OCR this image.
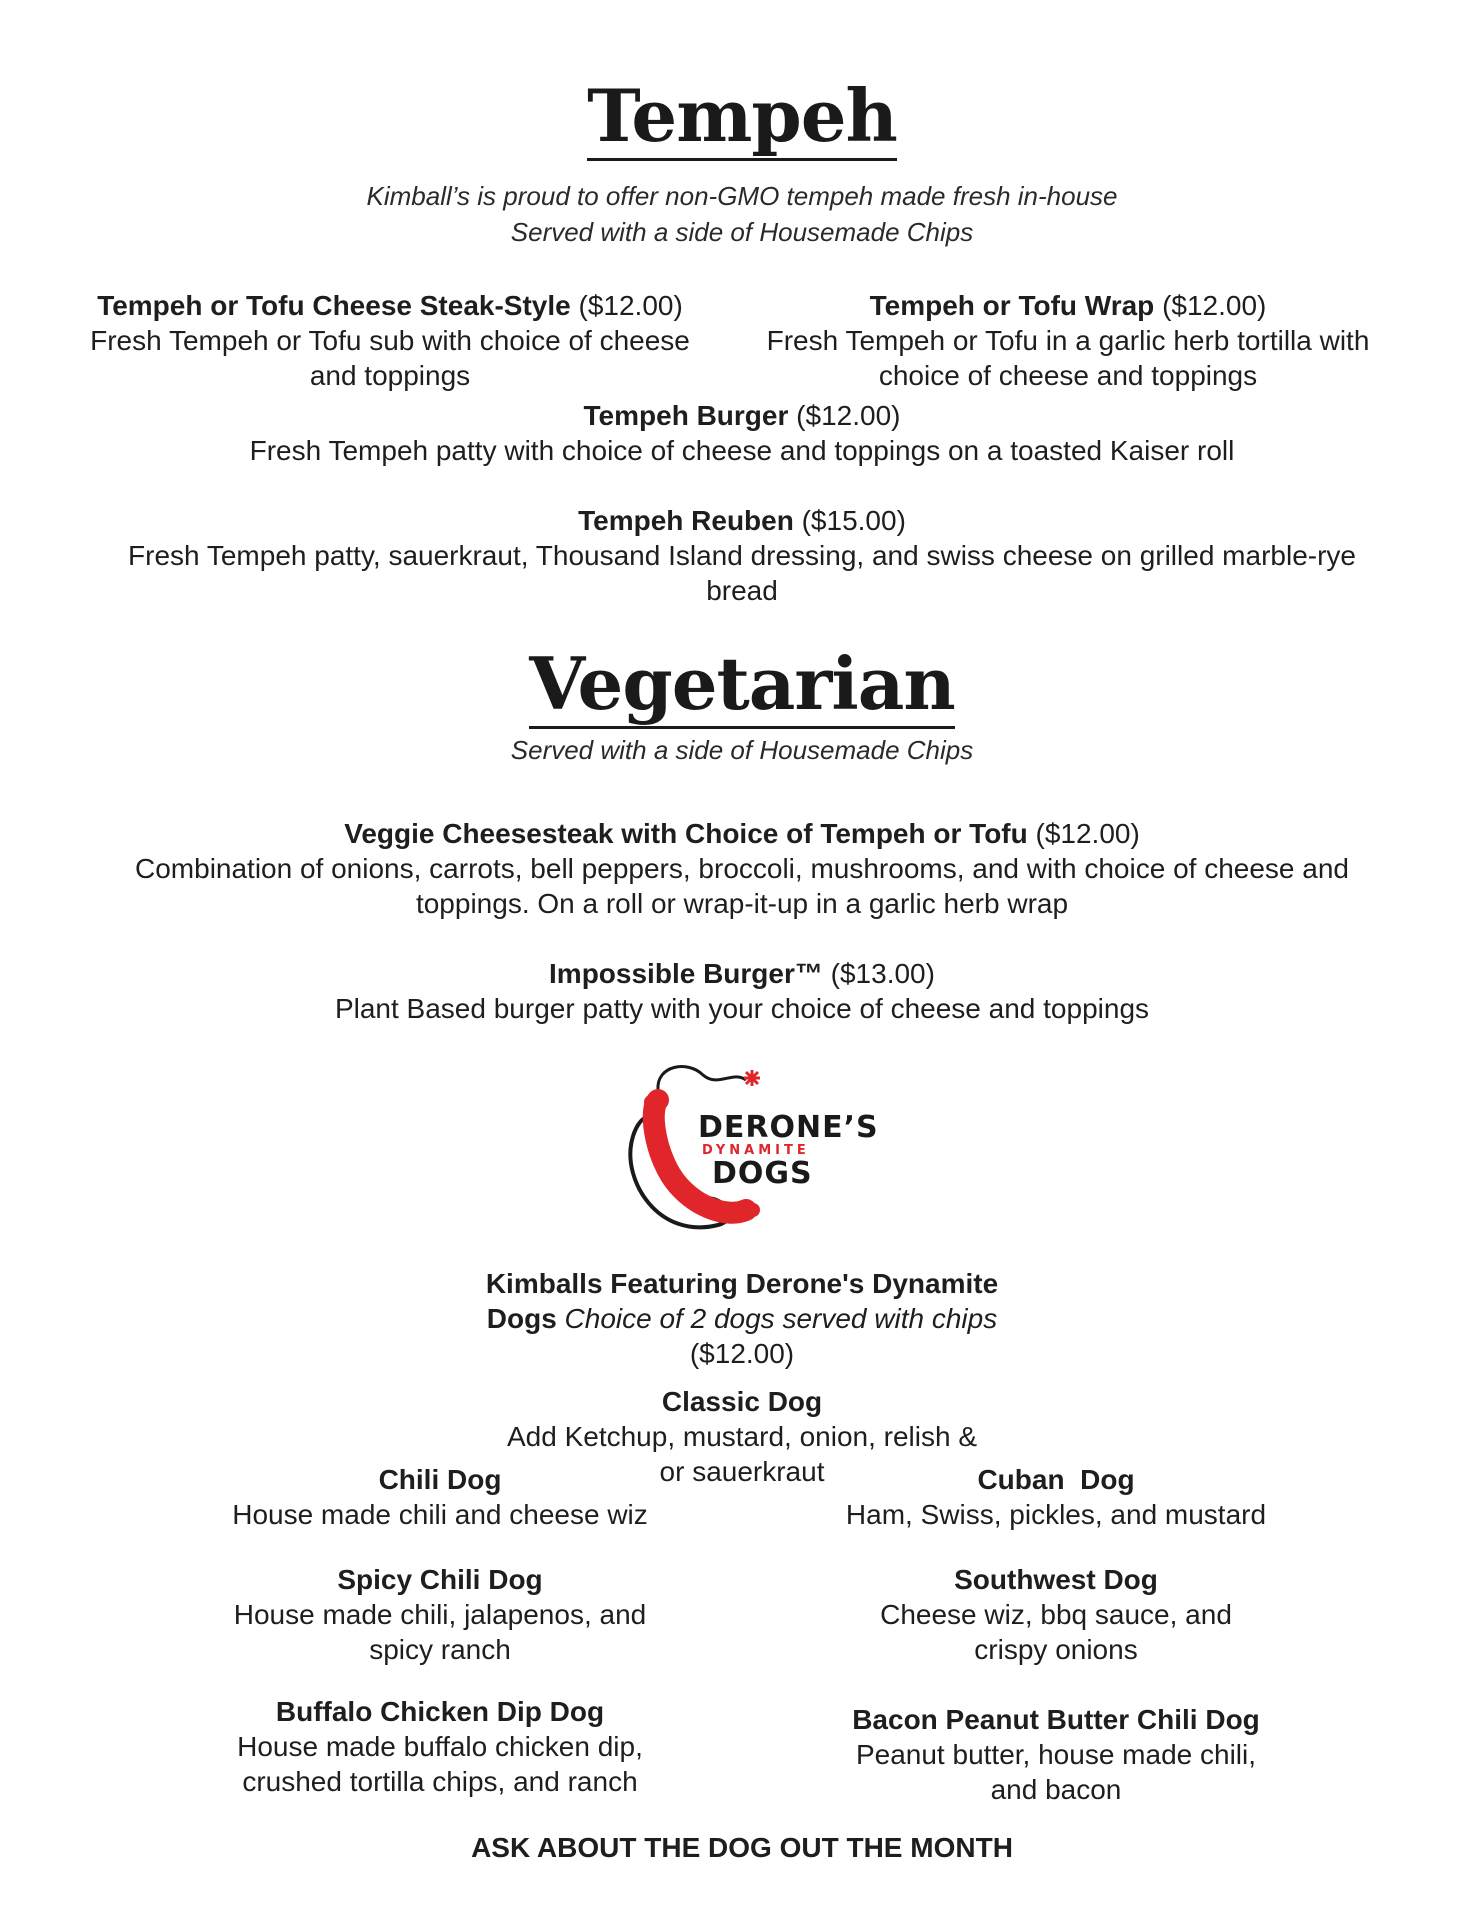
Tempeh
Kimball’s is proud to offer non-GMO tempeh made fresh in-house
Served with a side of Housemade Chips
Tempeh or Tofu Cheese Steak-Style ($12.00)
Fresh Tempeh or Tofu sub with choice of cheese and toppings
Tempeh or Tofu Wrap ($12.00)
Fresh Tempeh or Tofu in a garlic herb tortilla with choice of cheese and toppings
Tempeh Burger ($12.00)
Fresh Tempeh patty with choice of cheese and toppings on a toasted Kaiser roll
Tempeh Reuben ($15.00)
Fresh Tempeh patty, sauerkraut, Thousand Island dressing, and swiss cheese on grilled marble-rye bread
Vegetarian
Served with a side of Housemade Chips
Veggie Cheesesteak with Choice of Tempeh or Tofu ($12.00)
Combination of onions, carrots, bell peppers, broccoli, mushrooms, and with choice of cheese and toppings. On a roll or wrap-it-up in a garlic herb wrap
Impossible Burger™ ($13.00)
Plant Based burger patty with your choice of cheese and toppings
DERONE’S
DYNAMITE
DOGS
Kimballs Featuring Derone's Dynamite
Dogs Choice of 2 dogs served with chips
($12.00)
Classic Dog
Add Ketchup, mustard, onion, relish & or sauerkraut
Chili Dog
House made chili and cheese wiz
Spicy Chili Dog
House made chili, jalapenos, and spicy ranch
Buffalo Chicken Dip Dog
House made buffalo chicken dip, crushed tortilla chips, and ranch
Cuban  Dog
Ham, Swiss, pickles, and mustard
Southwest Dog
Cheese wiz, bbq sauce, and crispy onions
Bacon Peanut Butter Chili Dog
Peanut butter, house made chili, and bacon
ASK ABOUT THE DOG OUT THE MONTH
